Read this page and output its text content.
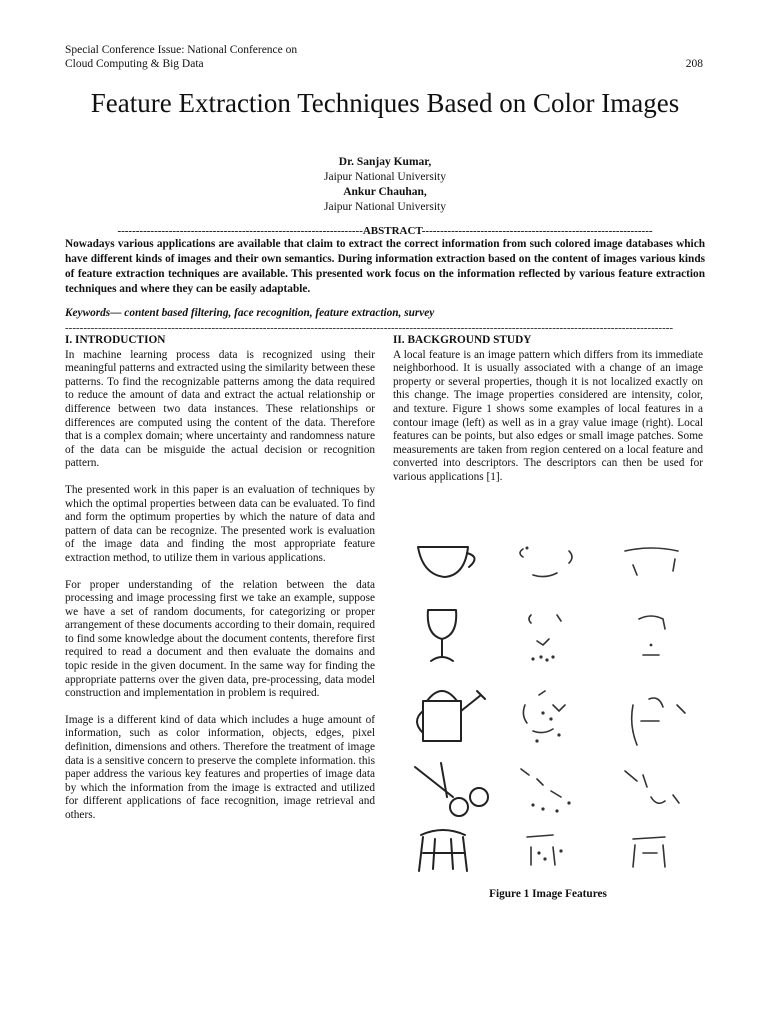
Special Conference Issue: National Conference on
Cloud Computing & Big Data	208
Feature Extraction Techniques Based on Color Images
Dr. Sanjay Kumar,
Jaipur National University
Ankur Chauhan,
Jaipur National University
-------------------------------------------------------------------ABSTRACT---------------------------------------------------------------
Nowadays various applications are available that claim to extract the correct information from such colored image databases which have different kinds of images and their own semantics. During information extraction based on the content of images various kinds of feature extraction techniques are available. This presented work focus on the information reflected by various feature extraction techniques and where they can be easily adaptable.
Keywords— content based filtering, face recognition, feature extraction, survey
----------------------------------------------------------------------------------------------------------------------------------------------------------------------
I. INTRODUCTION

In machine learning process data is recognized using their meaningful patterns and extracted using the similarity between these patterns. To find the recognizable patterns among the data required to reduce the amount of data and extract the actual relationship or difference between two data instances. These relationships or differences are computed using the content of the data. Therefore that is a complex domain; where uncertainty and randomness nature of the data can be misguide the actual decision or recognition pattern.

The presented work in this paper is an evaluation of techniques by which the optimal properties between data can be evaluated. To find and form the optimum properties by which the nature of data and pattern of data can be recognize. The presented work is evaluation of the image data and finding the most appropriate feature extraction method, to utilize them in various applications.

For proper understanding of the relation between the data processing and image processing first we take an example, suppose we have a set of random documents, for categorizing or proper arrangement of these documents according to their domain, required to find some knowledge about the document contents, therefore first required to read a document and then evaluate the domains and topic reside in the given document. In the same way for finding the appropriate patterns over the given data, pre-processing, data model construction and implementation in problem is required.

Image is a different kind of data which includes a huge amount of information, such as color information, objects, edges, pixel definition, dimensions and others. Therefore the treatment of image data is a sensitive concern to preserve the complete information. this paper address the various key features and properties of image data by which the information from the image is extracted and utilized for different applications of face recognition, image retrieval and others.

II. BACKGROUND STUDY

A local feature is an image pattern which differs from its immediate neighborhood. It is usually associated with a change of an image property or several properties, though it is not localized exactly on this change. The image properties considered are intensity, color, and texture. Figure 1 shows some examples of local features in a contour image (left) as well as in a gray value image (right). Local features can be points, but also edges or small image patches. Some measurements are taken from region centered on a local feature and converted into descriptors. The descriptors can then be used for various applications [1].

Figure 1 Image Features
